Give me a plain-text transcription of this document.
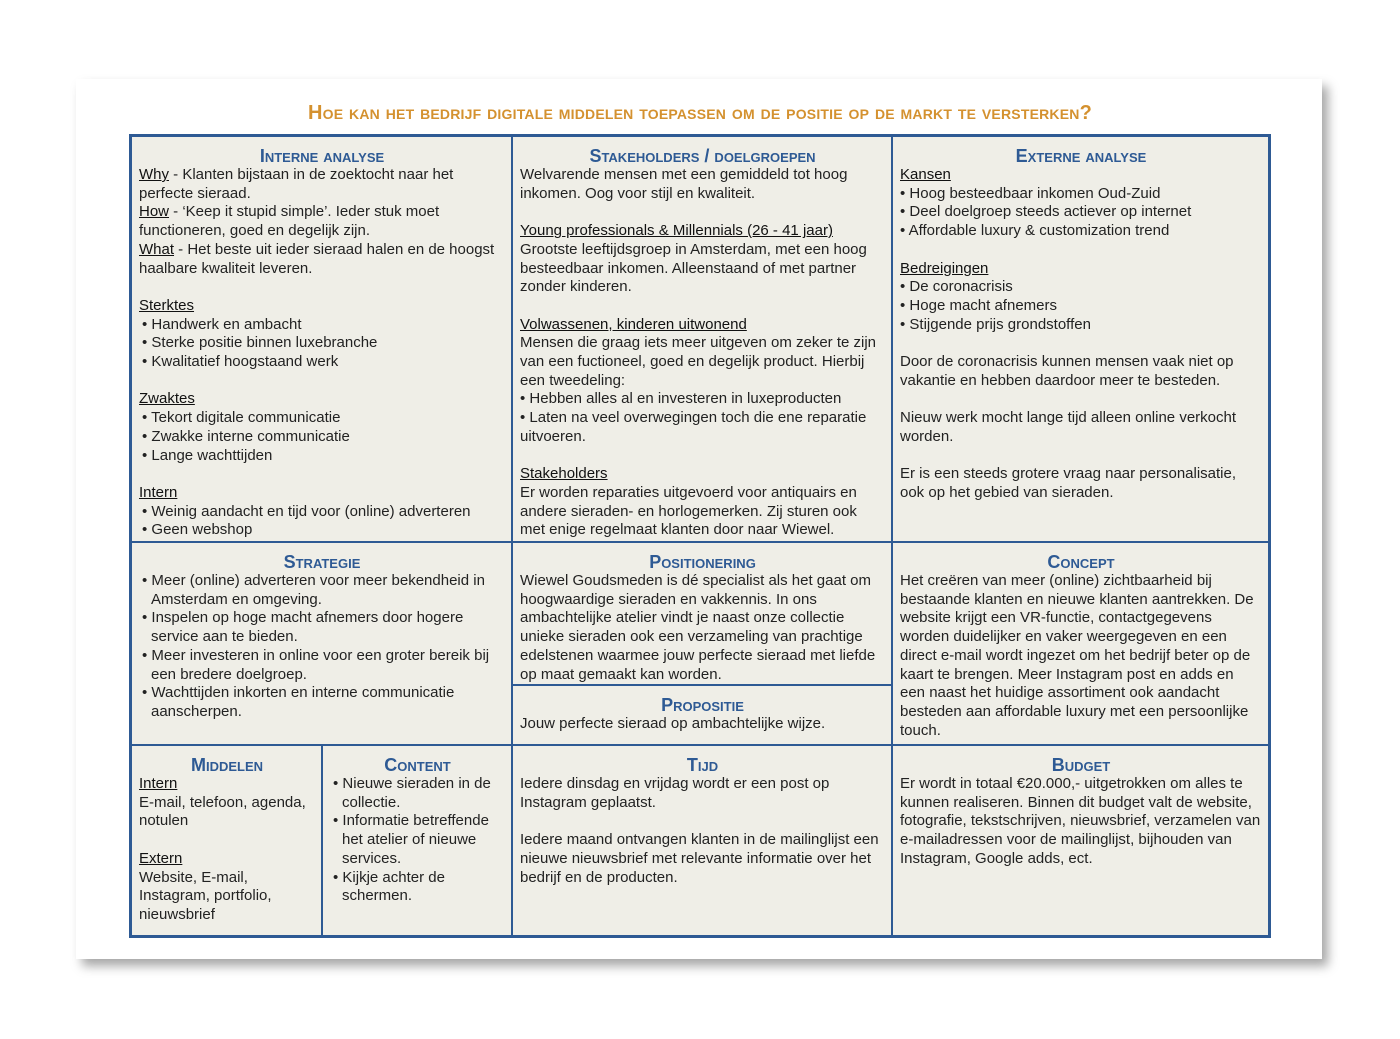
Hoe kan het bedrijf digitale middelen toepassen om de positie op de markt te versterken?
Interne analyse

Why - Klanten bijstaan in de zoektocht naar het perfecte sieraad.

How - ‘Keep it stupid simple’. Ieder stuk moet functioneren, goed en degelijk zijn.

What - Het beste uit ieder sieraad halen en de hoogst haalbare kwaliteit leveren.

Sterktes

• Handwerk en ambacht

• Sterke positie binnen luxebranche

• Kwalitatief hoogstaand werk

Zwaktes

• Tekort digitale communicatie

• Zwakke interne communicatie

• Lange wachttijden

Intern

• Weinig aandacht en tijd voor (online) adverteren

• Geen webshop

Stakeholders / doelgroepen

Welvarende mensen met een gemiddeld tot hoog inkomen. Oog voor stijl en kwaliteit.

Young professionals & Millennials (26 - 41 jaar)

Grootste leeftijdsgroep in Amsterdam, met een hoog besteedbaar inkomen. Alleenstaand of met partner zonder kinderen.

Volwassenen, kinderen uitwonend

Mensen die graag iets meer uitgeven om zeker te zijn van een fuctioneel, goed en degelijk product. Hierbij een tweedeling:

• Hebben alles al en investeren in luxeproducten

• Laten na veel overwegingen toch die ene reparatie uitvoeren.

Stakeholders

Er worden reparaties uitgevoerd voor antiquairs en andere sieraden- en horlogemerken. Zij sturen ook met enige regelmaat klanten door naar Wiewel.

Externe analyse

Kansen

• Hoog besteedbaar inkomen Oud-Zuid

• Deel doelgroep steeds actiever op internet

• Affordable luxury & customization trend

Bedreigingen

• De coronacrisis

• Hoge macht afnemers

• Stijgende prijs grondstoffen

Door de coronacrisis kunnen mensen vaak niet op vakantie en hebben daardoor meer te besteden.

Nieuw werk mocht lange tijd alleen online verkocht worden.

Er is een steeds grotere vraag naar personalisatie, ook op het gebied van sieraden.

Strategie

• Meer (online) adverteren voor meer bekendheid in Amsterdam en omgeving.

• Inspelen op hoge macht afnemers door hogere service aan te bieden.

• Meer investeren in online voor een groter bereik bij een bredere doelgroep.

• Wachttijden inkorten en interne communicatie aanscherpen.

Positionering

Wiewel Goudsmeden is dé specialist als het gaat om hoogwaardige sieraden en vakkennis. In ons ambachtelijke atelier vindt je naast onze collectie unieke sieraden ook een verzameling van prachtige edelstenen waarmee jouw perfecte sieraad met liefde op maat gemaakt kan worden.

Propositie

Jouw perfecte sieraad op ambachtelijke wijze.

Concept

Het creëren van meer (online) zichtbaarheid bij bestaande klanten en nieuwe klanten aantrekken. De website krijgt een VR-functie, contactgegevens worden duidelijker en vaker weergegeven en een direct e-mail wordt ingezet om het bedrijf beter op de kaart te brengen. Meer Instagram post en adds en een naast het huidige assortiment ook aandacht besteden aan affordable luxury met een persoonlijke touch.

Middelen

Intern

E-mail, telefoon, agenda, notulen

Extern

Website, E-mail, Instagram, portfolio, nieuwsbrief

Content

• Nieuwe sieraden in de collectie.

• Informatie betreffende het atelier of nieuwe services.

• Kijkje achter de schermen.

Tijd

Iedere dinsdag en vrijdag wordt er een post op Instagram geplaatst.

Iedere maand ontvangen klanten in de mailinglijst een nieuwe nieuwsbrief met relevante informatie over het bedrijf en de producten.

Budget

Er wordt in totaal €20.000,- uitgetrokken om alles te kunnen realiseren. Binnen dit budget valt de website, fotografie, tekstschrijven, nieuwsbrief, verzamelen van e-mailadressen voor de mailinglijst, bijhouden van Instagram, Google adds, ect.
